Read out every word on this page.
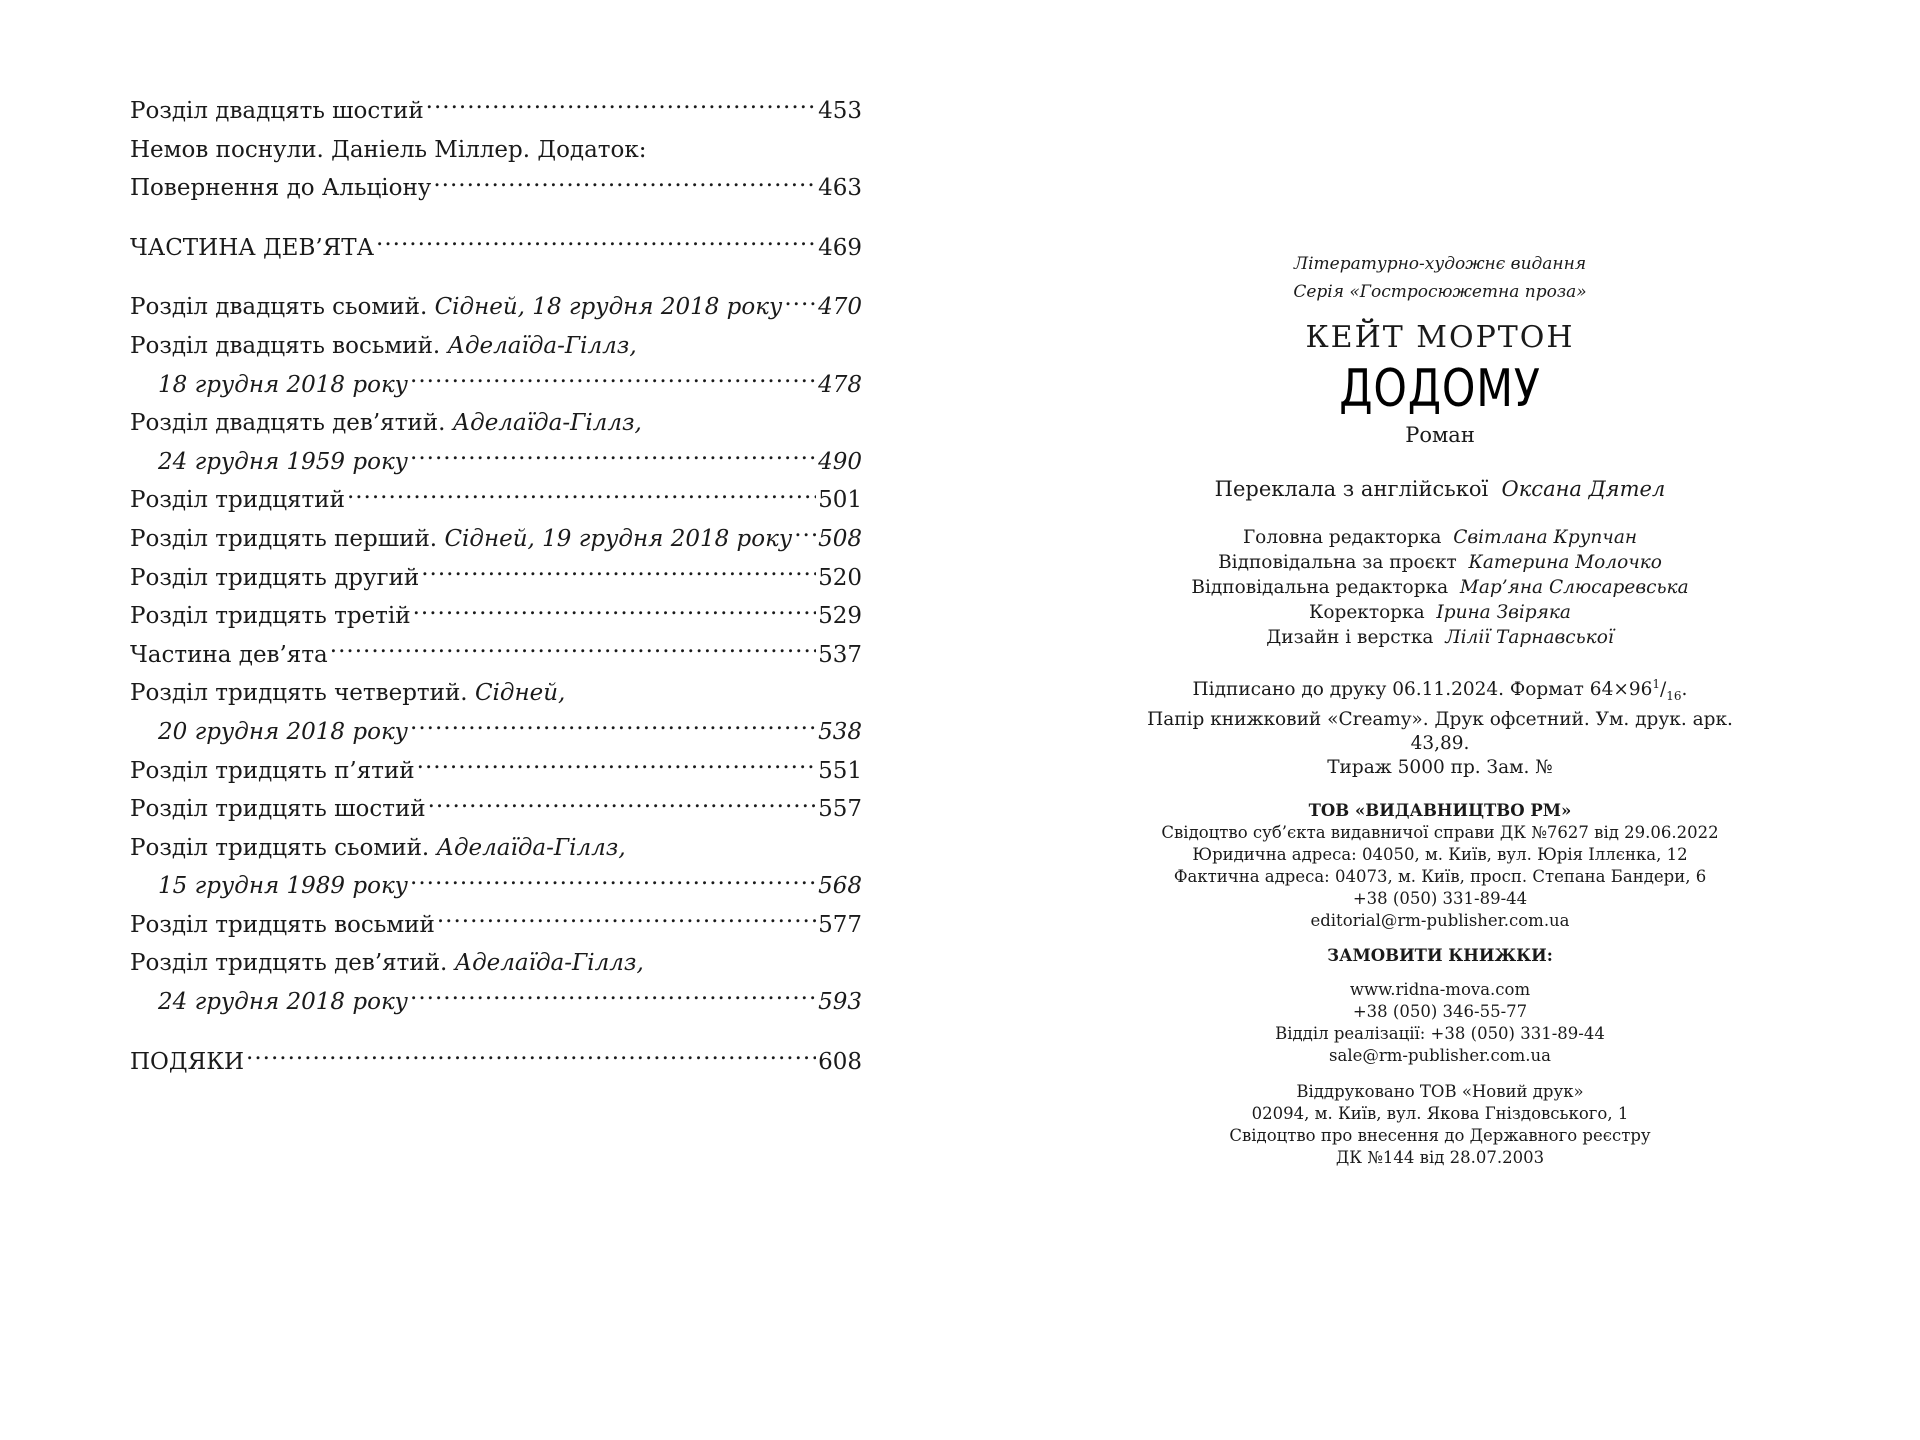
Розділ двадцять шостий .....	453
Немов поснули. Даніель Міллер. Додаток:
Повернення до Альціону .....	463
ЧАСТИНА ДЕВ’ЯТА .....	469
Розділ двадцять сьомий. Сідней, 18 грудня 2018 року ..... 470
Розділ двадцять восьмий. Аделаїда-Гіллз,
18 грудня 2018 року .....	478
Розділ двадцять дев’ятий. Аделаїда-Гіллз,
24 грудня 1959 року .....	490
Розділ тридцятий .....	501
Розділ тридцять перший. Сідней, 19 грудня 2018 року ..... 508
Розділ тридцять другий .....	520
Розділ тридцять третій .....	529
Частина дев’ята .....	537
Розділ тридцять четвертий. Сідней,
20 грудня 2018 року .....	538
Розділ тридцять п’ятий .....	551
Розділ тридцять шостий .....	557
Розділ тридцять сьомий. Аделаїда-Гіллз,
15 грудня 1989 року .....	568
Розділ тридцять восьмий .....	577
Розділ тридцять дев’ятий. Аделаїда-Гіллз,
24 грудня 2018 року .....	593
ПОДЯКИ .....	608
Літературно-художнє видання
Серія «Гостросюжетна проза»
КЕЙТ МОРТОН
ДОДОМУ
Роман
Переклала з англійської Оксана Дятел
Головна редакторка Світлана Крупчан
Відповідальна за проєкт Катерина Молочко
Відповідальна редакторка Мар’яна Слюсаревська
Коректорка Ірина Звіряка
Дизайн і верстка Лілії Тарнавської
Підписано до друку 06.11.2024. Формат $64\times 96^1/_{16}$.
Папір книжковий «Creamy». Друк офсетний. Ум. друк. арк. 43,89.
Тираж 5000 пр. Зам. №
ТОВ «ВИДАВНИЦТВО РМ»
Свідоцтво суб’єкта видавничої справи ДК №7627 від 29.06.2022
Юридична адреса: 04050, м. Київ, вул. Юрія Іллєнка, 12
Фактична адреса: 04073, м. Київ, просп. Степана Бандери, 6
+38 (050) 331-89-44
editorial@rm-publisher.com.ua
ЗАМОВИТИ КНИЖКИ:
www.ridna-mova.com
+38 (050) 346-55-77
Відділ реалізації: +38 (050) 331-89-44
sale@rm-publisher.com.ua
Віддруковано ТОВ «Новий друк»
02094, м. Київ, вул. Якова Гніздовського, 1
Свідоцтво про внесення до Державного реєстру
ДК №144 від 28.07.2003
